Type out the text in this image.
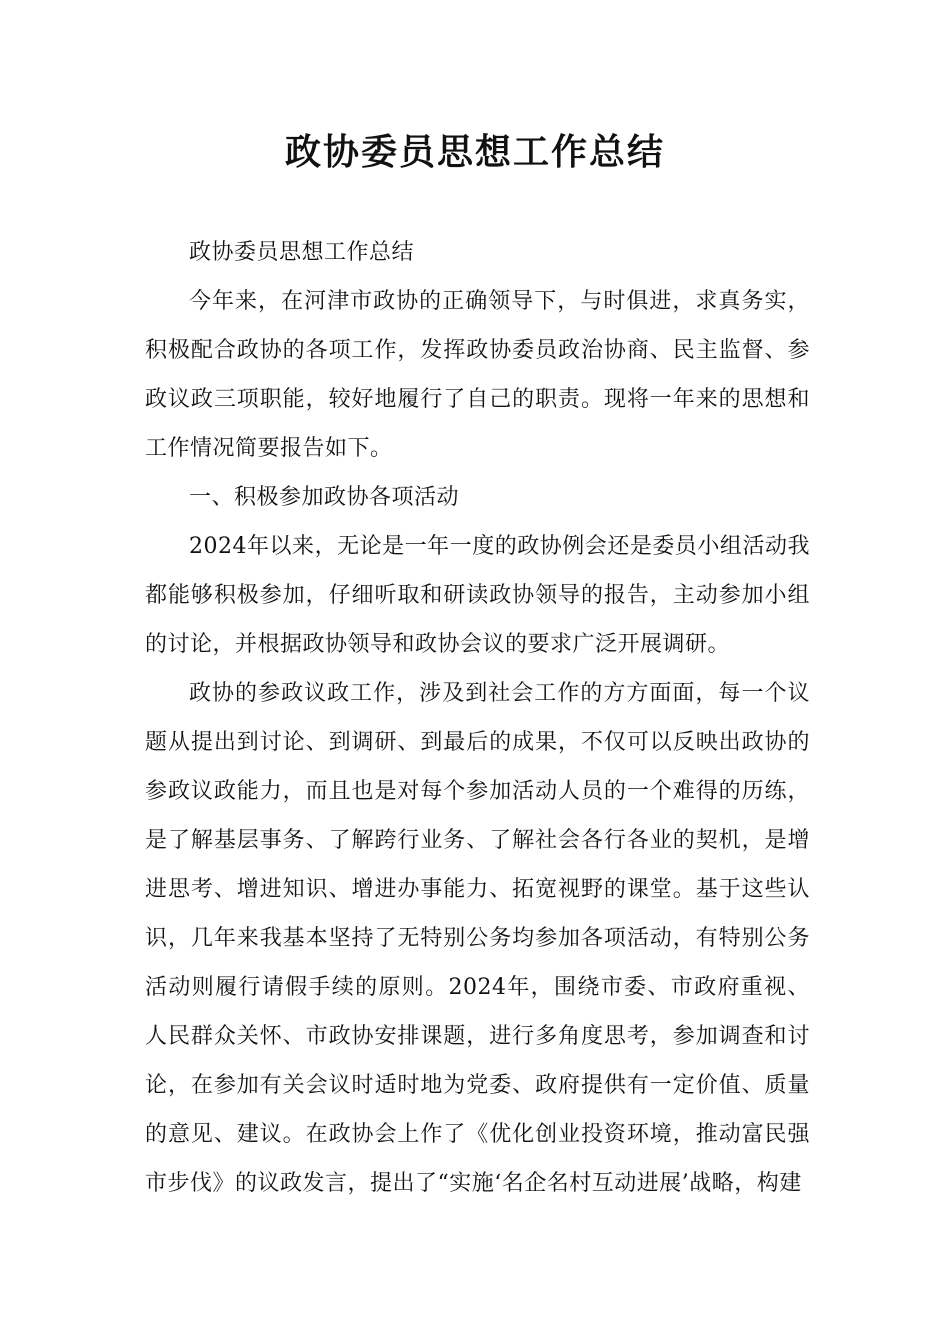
政协委员思想工作总结

政协委员思想工作总结

今年来，在河津市政协的正确领导下，与时俱进，求真务实，积极配合政协的各项工作，发挥政协委员政治协商、民主监督、参政议政三项职能，较好地履行了自己的职责。现将一年来的思想和工作情况简要报告如下。

一、积极参加政协各项活动

2024年以来，无论是一年一度的政协例会还是委员小组活动我都能够积极参加，仔细听取和研读政协领导的报告，主动参加小组的讨论，并根据政协领导和政协会议的要求广泛开展调研。

政协的参政议政工作，涉及到社会工作的方方面面，每一个议题从提出到讨论、到调研、到最后的成果，不仅可以反映出政协的参政议政能力，而且也是对每个参加活动人员的一个难得的历练，是了解基层事务、了解跨行业务、了解社会各行各业的契机，是增进思考、增进知识、增进办事能力、拓宽视野的课堂。基于这些认识，几年来我基本坚持了无特别公务均参加各项活动，有特别公务活动则履行请假手续的原则。2024年，围绕市委、市政府重视、人民群众关怀、市政协安排课题，进行多角度思考，参加调查和讨论，在参加有关会议时适时地为党委、政府提供有一定价值、质量的意见、建议。在政协会上作了《优化创业投资环境，推动富民强市步伐》的议政发言，提出了“实施‘名企名村互动进展’战略，构建
